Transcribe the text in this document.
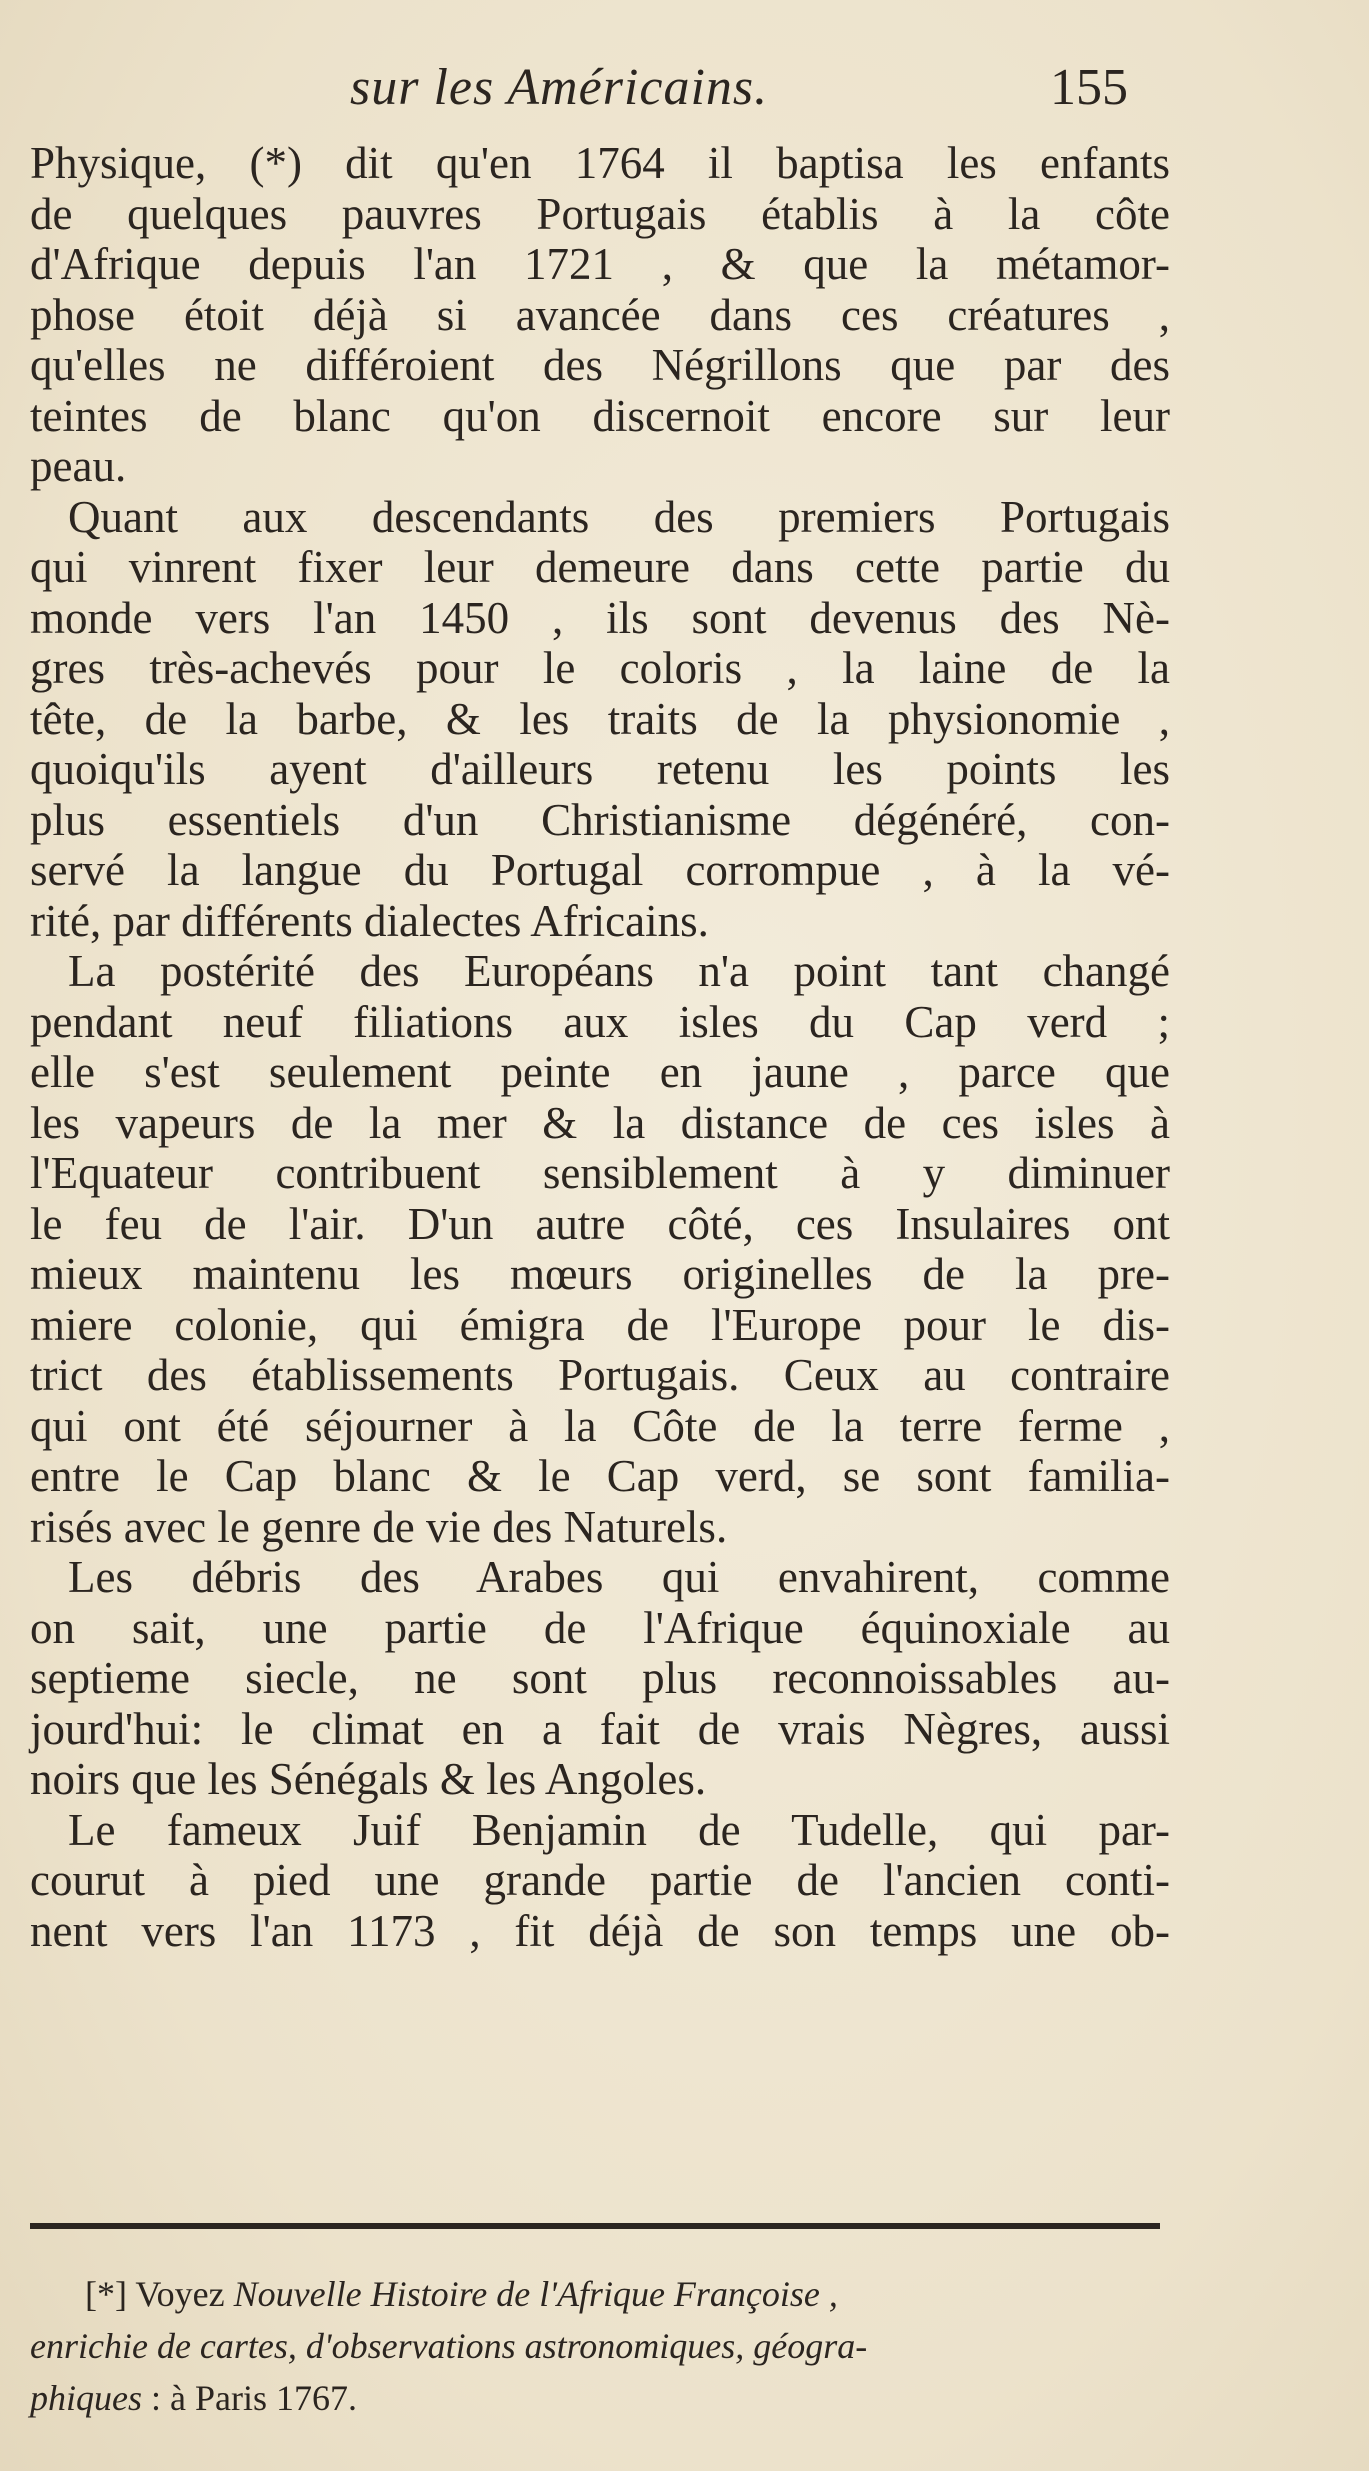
sur les Américains.	155
Physique, (*) dit qu'en 1764 il baptisa les enfants
de quelques pauvres Portugais établis à la côte
d'Afrique depuis l'an 1721 , & que la métamor-
phose étoit déjà si avancée dans ces créatures ,
qu'elles ne différoient des Négrillons que par des
teintes de blanc qu'on discernoit encore sur leur
peau.
Quant aux descendants des premiers Portugais
qui vinrent fixer leur demeure dans cette partie du
monde vers l'an 1450 , ils sont devenus des Nè-
gres très-achevés pour le coloris , la laine de la
tête, de la barbe, & les traits de la physionomie ,
quoiqu'ils ayent d'ailleurs retenu les points les
plus essentiels d'un Christianisme dégénéré, con-
servé la langue du Portugal corrompue , à la vé-
rité, par différents dialectes Africains.
La postérité des Européans n'a point tant changé
pendant neuf filiations aux isles du Cap verd ;
elle s'est seulement peinte en jaune , parce que
les vapeurs de la mer & la distance de ces isles à
l'Equateur contribuent sensiblement à y diminuer
le feu de l'air. D'un autre côté, ces Insulaires ont
mieux maintenu les mœurs originelles de la pre-
miere colonie, qui émigra de l'Europe pour le dis-
trict des établissements Portugais. Ceux au contraire
qui ont été séjourner à la Côte de la terre ferme ,
entre le Cap blanc & le Cap verd, se sont familia-
risés avec le genre de vie des Naturels.
Les débris des Arabes qui envahirent, comme
on sait, une partie de l'Afrique équinoxiale au
septieme siecle, ne sont plus reconnoissables au-
jourd'hui: le climat en a fait de vrais Nègres, aussi
noirs que les Sénégals & les Angoles.
Le fameux Juif Benjamin de Tudelle, qui par-
courut à pied une grande partie de l'ancien conti-
nent vers l'an 1173 , fit déjà de son temps une ob-
[*] Voyez Nouvelle Histoire de l'Afrique Françoise ,
enrichie de cartes, d'observations astronomiques, géogra-
phiques : à Paris 1767.
